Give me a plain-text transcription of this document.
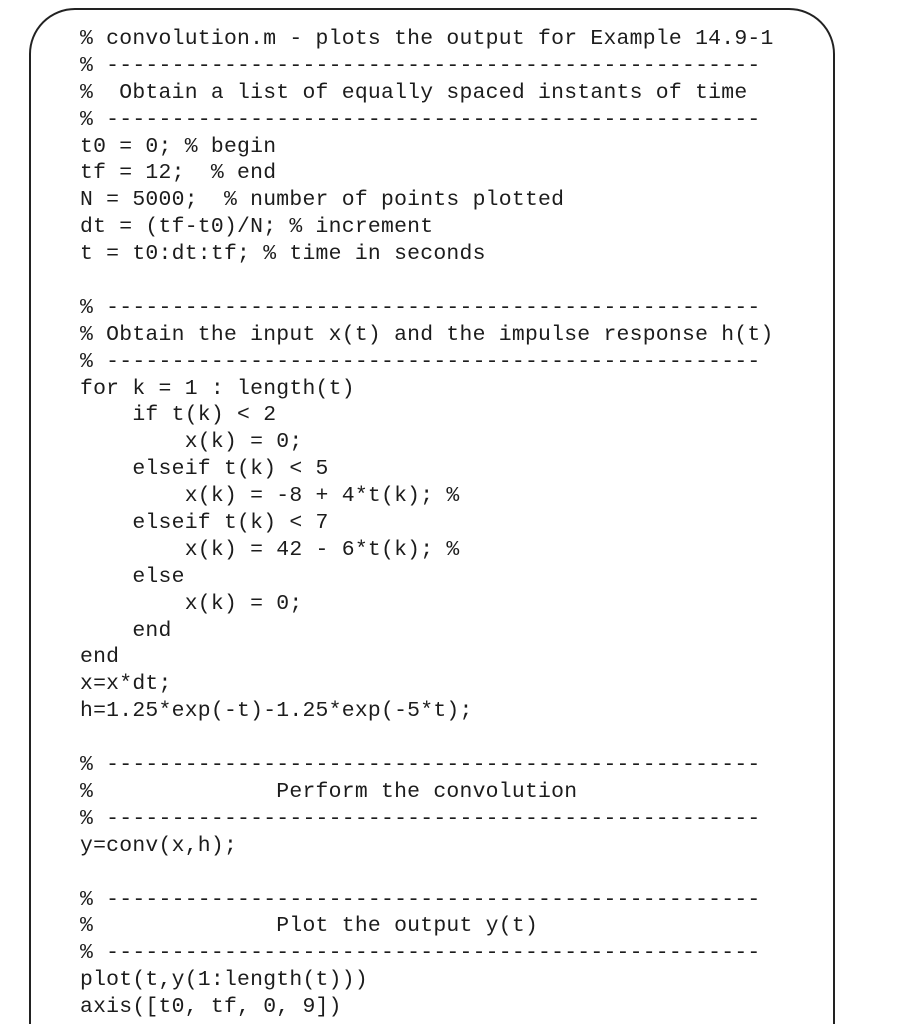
% convolution.m - plots the output for Example 14.9-1
% --------------------------------------------------
%  Obtain a list of equally spaced instants of time
% --------------------------------------------------
t0 = 0; % begin
tf = 12;  % end
N = 5000;  % number of points plotted
dt = (tf-t0)/N; % increment
t = t0:dt:tf; % time in seconds
% --------------------------------------------------
% Obtain the input x(t) and the impulse response h(t)
% --------------------------------------------------
for k = 1 : length(t)
if t(k) < 2
x(k) = 0;
elseif t(k) < 5
x(k) = -8 + 4*t(k); %
elseif t(k) < 7
x(k) = 42 - 6*t(k); %
else
x(k) = 0;
end
end
x=x*dt;
h=1.25*exp(-t)-1.25*exp(-5*t);
% --------------------------------------------------
%              Perform the convolution
% --------------------------------------------------
y=conv(x,h);
% --------------------------------------------------
%              Plot the output y(t)
% --------------------------------------------------
plot(t,y(1:length(t)))
axis([t0, tf, 0, 9])
